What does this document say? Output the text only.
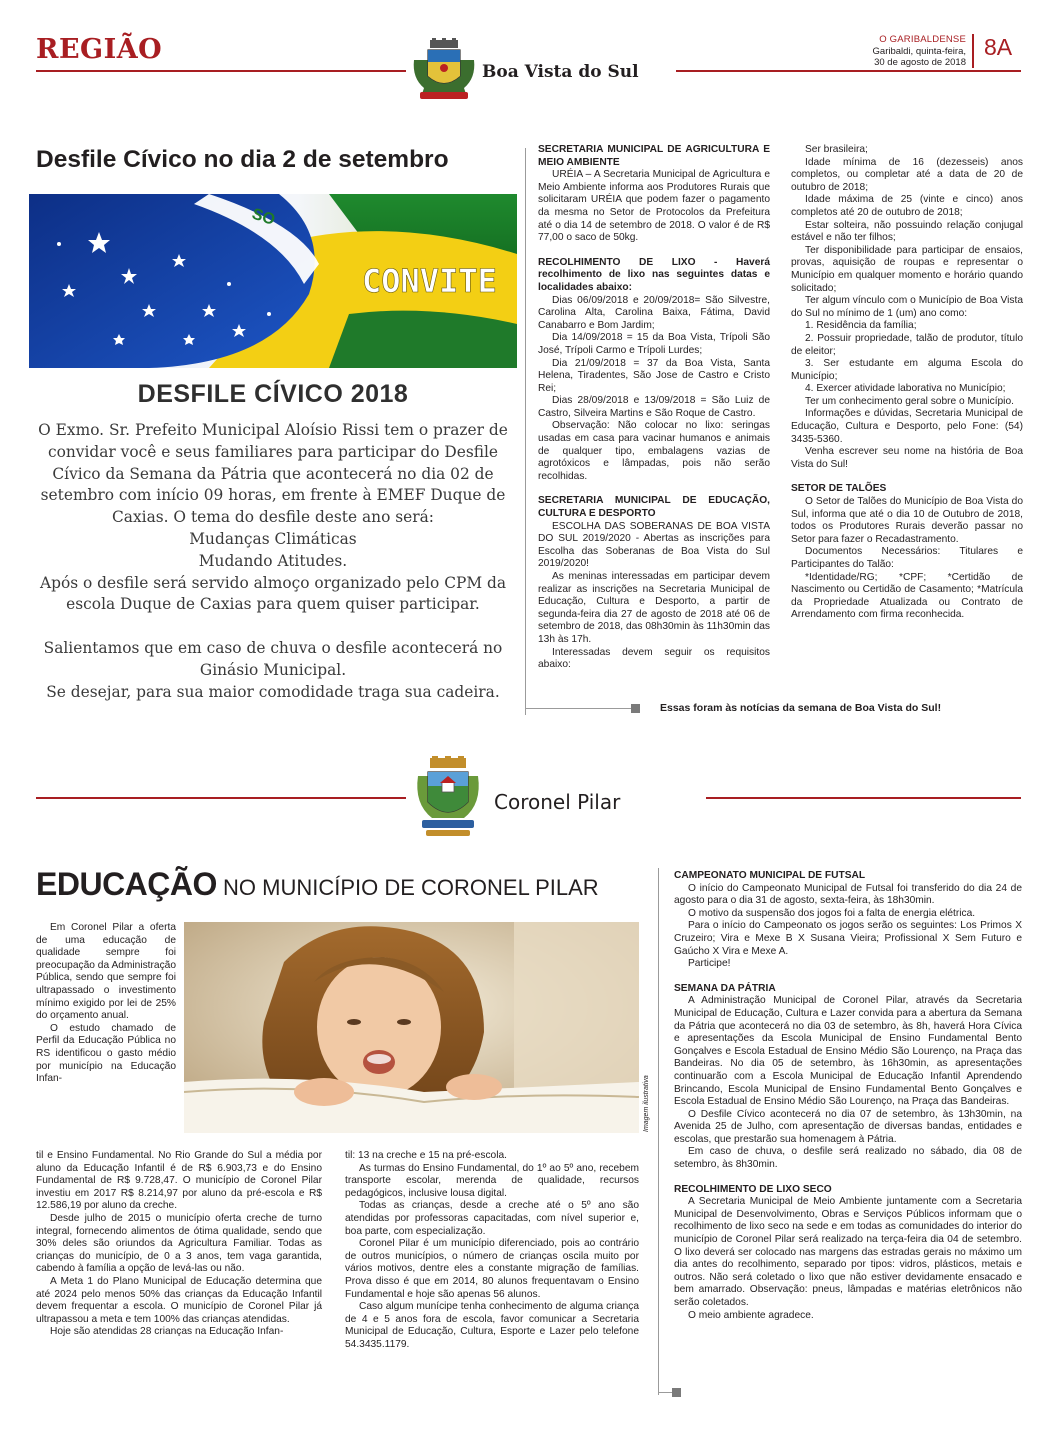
REGIÃO	O GARIBALDENSE
Garibaldi, quinta-feira,
30 de agosto de 2018
8A
Boa Vista do Sul
Desfile Cívico no dia 2 de setembro
SO
CONVITE
DESFILE CÍVICO 2018
O Exmo. Sr. Prefeito Municipal Aloísio Rissi tem o prazer de
convidar você e seus familiares para participar do Desfile
Cívico da Semana da Pátria que acontecerá no dia 02 de
setembro com início 09 horas, em frente à EMEF Duque de
Caxias. O tema do desfile deste ano será:
Mudanças Climáticas
Mudando Atitudes.
Após o desfile será servido almoço organizado pelo CPM da
escola Duque de Caxias para quem quiser participar.
Salientamos que em caso de chuva o desfile acontecerá no
Ginásio Municipal.
Se desejar, para sua maior comodidade traga sua cadeira.

SECRETARIA MUNICIPAL DE AGRICULTURA E MEIO AMBIENTE

URÉIA – A Secretaria Municipal de Agricultura e Meio Ambiente informa aos Produtores Rurais que solicitaram URÉIA que podem fazer o pagamento da mesma no Setor de Protocolos da Prefeitura até o dia 14 de setembro de 2018. O valor é de R$ 77,00 o saco de 50kg.

RECOLHIMENTO DE LIXO - Haverá recolhimento de lixo nas seguintes datas e localidades abaixo:

Dias 06/09/2018 e 20/09/2018= São Silvestre, Carolina Alta, Carolina Baixa, Fátima, David Canabarro e Bom Jardim;

Dia 14/09/2018 = 15 da Boa Vista, Trípoli São José, Trípoli Carmo e Trípoli Lurdes;

Dia 21/09/2018 = 37 da Boa Vista, Santa Helena, Tiradentes, São Jose de Castro e Cristo Rei;

Dias 28/09/2018 e 13/09/2018 = São Luiz de Castro, Silveira Martins e São Roque de Castro.

Observação: Não colocar no lixo: seringas usadas em casa para vacinar humanos e animais de qualquer tipo, embalagens vazias de agrotóxicos e lâmpadas, pois não serão recolhidas.

SECRETARIA MUNICIPAL DE EDUCAÇÃO, CULTURA E DESPORTO

ESCOLHA DAS SOBERANAS DE BOA VISTA DO SUL 2019/2020 - Abertas as inscrições para Escolha das Soberanas de Boa Vista do Sul 2019/2020!

As meninas interessadas em participar devem realizar as inscrições na Secretaria Municipal de Educação, Cultura e Desporto, a partir de segunda-feira dia 27 de agosto de 2018 até 06 de setembro de 2018, das 08h30min às 11h30min das 13h às 17h.

Interessadas devem seguir os requisitos abaixo:

Ser brasileira;

Idade mínima de 16 (dezesseis) anos completos, ou completar até a data de 20 de outubro de 2018;

Idade máxima de 25 (vinte e cinco) anos completos até 20 de outubro de 2018;

Estar solteira, não possuindo relação conjugal estável e não ter filhos;

Ter disponibilidade para participar de ensaios, provas, aquisição de roupas e representar o Município em qualquer momento e horário quando solicitado;

Ter algum vínculo com o Município de Boa Vista do Sul no mínimo de 1 (um) ano como:

1. Residência da família;

2. Possuir propriedade, talão de produtor, título de eleitor;

3. Ser estudante em alguma Escola do Município;

4. Exercer atividade laborativa no Município;

Ter um conhecimento geral sobre o Município.

Informações e dúvidas, Secretaria Municipal de Educação, Cultura e Desporto, pelo Fone: (54) 3435-5360.

Venha escrever seu nome na história de Boa Vista do Sul!

SETOR DE TALÕES

O Setor de Talões do Município de Boa Vista do Sul, informa que até o dia 10 de Outubro de 2018, todos os Produtores Rurais deverão passar no Setor para fazer o Recadastramento.

Documentos Necessários: Titulares e Participantes do Talão:

*Identidade/RG; *CPF; *Certidão de Nascimento ou Certidão de Casamento; *Matrícula da Propriedade Atualizada ou Contrato de Arrendamento com firma reconhecida.

Essas foram às notícias da semana de Boa Vista do Sul!
Coronel Pilar
EDUCAÇÃO NO MUNICÍPIO DE CORONEL PILAR
Imagem ilustrativa

Em Coronel Pilar a oferta de uma educação de qualidade sempre foi preocupação da Administração Pública, sendo que sempre foi ultrapassado o investimento mínimo exigido por lei de 25% do orçamento anual.

O estudo chamado de Perfil da Educação Pública no RS identificou o gasto médio por município na Educação Infan-

til e Ensino Fundamental. No Rio Grande do Sul a média por aluno da Educação Infantil é de R$ 6.903,73 e do Ensino Fundamental de R$ 9.728,47. O município de Coronel Pilar investiu em 2017 R$ 8.214,97 por aluno da pré-escola e R$ 12.586,19 por aluno da creche.

Desde julho de 2015 o município oferta creche de turno integral, fornecendo alimentos de ótima qualidade, sendo que 30% deles são oriundos da Agricultura Familiar. Todas as crianças do município, de 0 a 3 anos, tem vaga garantida, cabendo à família a opção de levá-las ou não.

A Meta 1 do Plano Municipal de Educação determina que até 2024 pelo menos 50% das crianças da Educação Infantil devem frequentar a escola. O município de Coronel Pilar já ultrapassou a meta e tem 100% das crianças atendidas.

Hoje são atendidas 28 crianças na Educação Infan-

til: 13 na creche e 15 na pré-escola.

As turmas do Ensino Fundamental, do 1º ao 5º ano, recebem transporte escolar, merenda de qualidade, recursos pedagógicos, inclusive lousa digital.

Todas as crianças, desde a creche até o 5º ano são atendidas por professoras capacitadas, com nível superior e, boa parte, com especialização.

Coronel Pilar é um município diferenciado, pois ao contrário de outros municípios, o número de crianças oscila muito por vários motivos, dentre eles a constante migração de famílias. Prova disso é que em 2014, 80 alunos frequentavam o Ensino Fundamental e hoje são apenas 56 alunos.

Caso algum munícipe tenha conhecimento de alguma criança de 4 e 5 anos fora de escola, favor comunicar a Secretaria Municipal de Educação, Cultura, Esporte e Lazer pelo telefone 54.3435.1179.

CAMPEONATO MUNICIPAL DE FUTSAL

O início do Campeonato Municipal de Futsal foi transferido do dia 24 de agosto para o dia 31 de agosto, sexta-feira, às 18h30min.

O motivo da suspensão dos jogos foi a falta de energia elétrica.

Para o início do Campeonato os jogos serão os seguintes: Los Primos X Cruzeiro; Vira e Mexe B X Susana Vieira; Profissional X Sem Futuro e Gaúcho X Vira e Mexe A.

Participe!

SEMANA DA PÁTRIA

A Administração Municipal de Coronel Pilar, através da Secretaria Municipal de Educação, Cultura e Lazer convida para a abertura da Semana da Pátria que acontecerá no dia 03 de setembro, às 8h, haverá Hora Cívica e apresentações da Escola Municipal de Ensino Fundamental Bento Gonçalves e Escola Estadual de Ensino Médio São Lourenço, na Praça das Bandeiras. No dia 05 de setembro, às 16h30min, as apresentações continuarão com a Escola Municipal de Educação Infantil Aprendendo Brincando, Escola Municipal de Ensino Fundamental Bento Gonçalves e Escola Estadual de Ensino Médio São Lourenço, na Praça das Bandeiras.

O Desfile Cívico acontecerá no dia 07 de setembro, às 13h30min, na Avenida 25 de Julho, com apresentação de diversas bandas, entidades e escolas, que prestarão sua homenagem à Pátria.

Em caso de chuva, o desfile será realizado no sábado, dia 08 de setembro, às 8h30min.

RECOLHIMENTO DE LIXO SECO

A Secretaria Municipal de Meio Ambiente juntamente com a Secretaria Municipal de Desenvolvimento, Obras e Serviços Públicos informam que o recolhimento de lixo seco na sede e em todas as comunidades do interior do município de Coronel Pilar será realizado na terça-feira dia 04 de setembro. O lixo deverá ser colocado nas margens das estradas gerais no máximo um dia antes do recolhimento, separado por tipos: vidros, plásticos, metais e outros. Não será coletado o lixo que não estiver devidamente ensacado e bem amarrado. Observação: pneus, lâmpadas e matérias eletrônicos não serão coletados.

O meio ambiente agradece.
